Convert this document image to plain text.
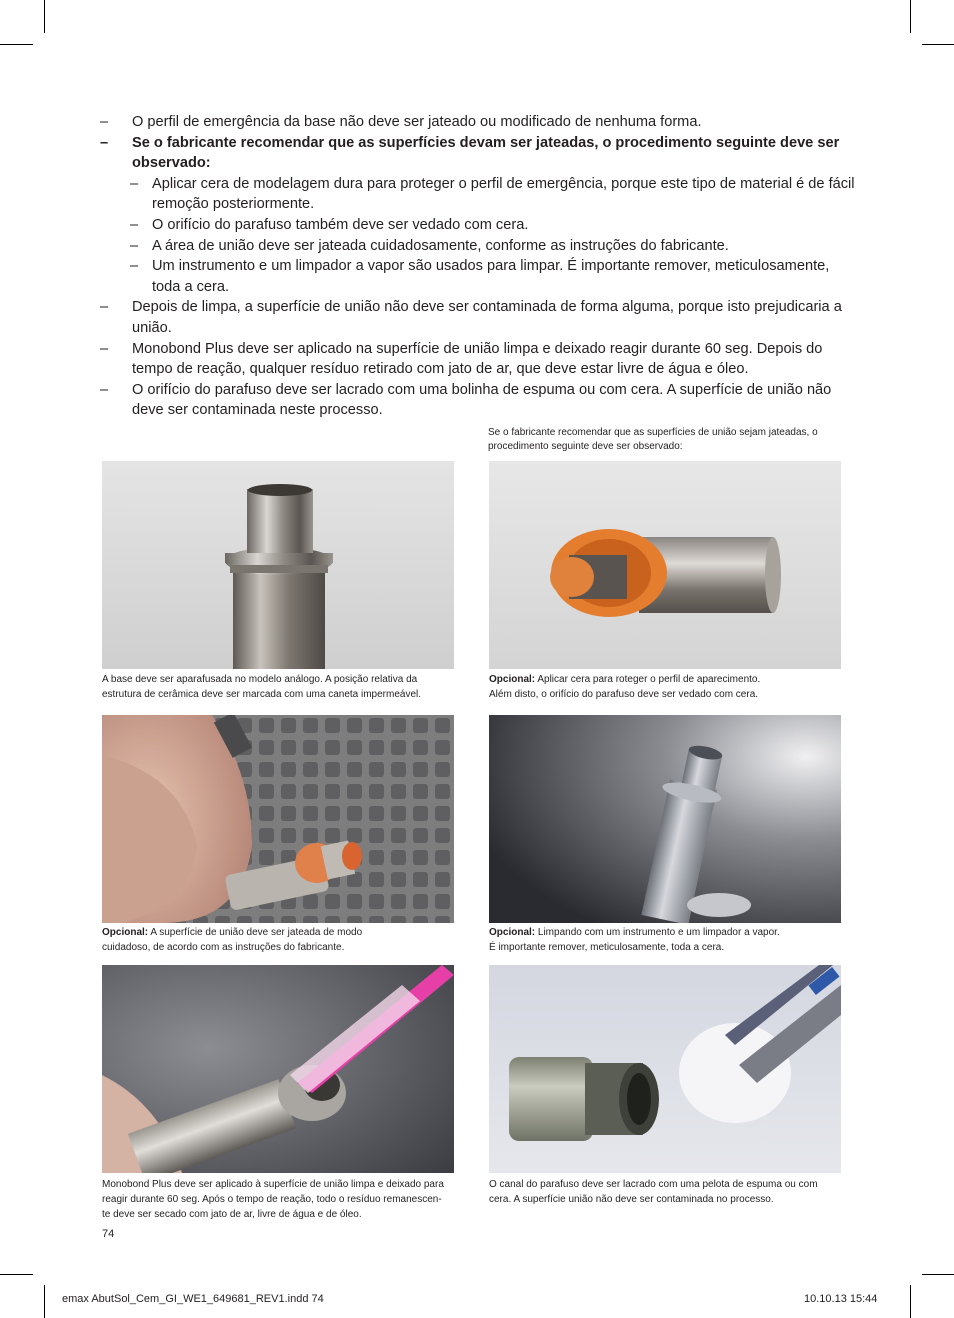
– O perfil de emergência da base não deve ser jateado ou modificado de nenhuma forma.
– Se o fabricante recomendar que as superfícies devam ser jateadas, o procedimento seguinte deve ser observado:
– Aplicar cera de modelagem dura para proteger o perfil de emergência, porque este tipo de material é de fácil remoção posteriormente.
– O orifício do parafuso também deve ser vedado com cera.
– A área de união deve ser jateada cuidadosamente, conforme as instruções do fabricante.
– Um instrumento e um limpador a vapor são usados para limpar. É importante remover, meticulosamente, toda a cera.
– Depois de limpa, a superfície de união não deve ser contaminada de forma alguma, porque isto prejudicaria a união.
– Monobond Plus deve ser aplicado na superfície de união limpa e deixado reagir durante 60 seg. Depois do tempo de reação, qualquer resíduo retirado com jato de ar, que deve estar livre de água e óleo.
– O orifício do parafuso deve ser lacrado com uma bolinha de espuma ou com cera. A superfície de união não deve ser contaminada neste processo.
Se o fabricante recomendar que as superfícies de união sejam jateadas, o procedimento seguinte deve ser observado:
A base deve ser aparafusada no modelo análogo. A posição relativa da
estrutura de cerâmica deve ser marcada com uma caneta impermeável.
Opcional: Aplicar cera para roteger o perfil de aparecimento.
Além disto, o orifício do parafuso deve ser vedado com cera.
Opcional: A superfície de união deve ser jateada de modo
cuidadoso, de acordo com as instruções do fabricante.
Opcional: Limpando com um instrumento e um limpador a vapor.
É importante remover, meticulosamente, toda a cera.
Monobond Plus deve ser aplicado à superfície de união limpa e deixado para
reagir durante 60 seg. Após o tempo de reação, todo o resíduo remanescen-
te deve ser secado com jato de ar, livre de água e de óleo.
O canal do parafuso deve ser lacrado com uma pelota de espuma ou com
cera. A superfície união não deve ser contaminada no processo.
74
emax AbutSol_Cem_GI_WE1_649681_REV1.indd 74	10.10.13 15:44
